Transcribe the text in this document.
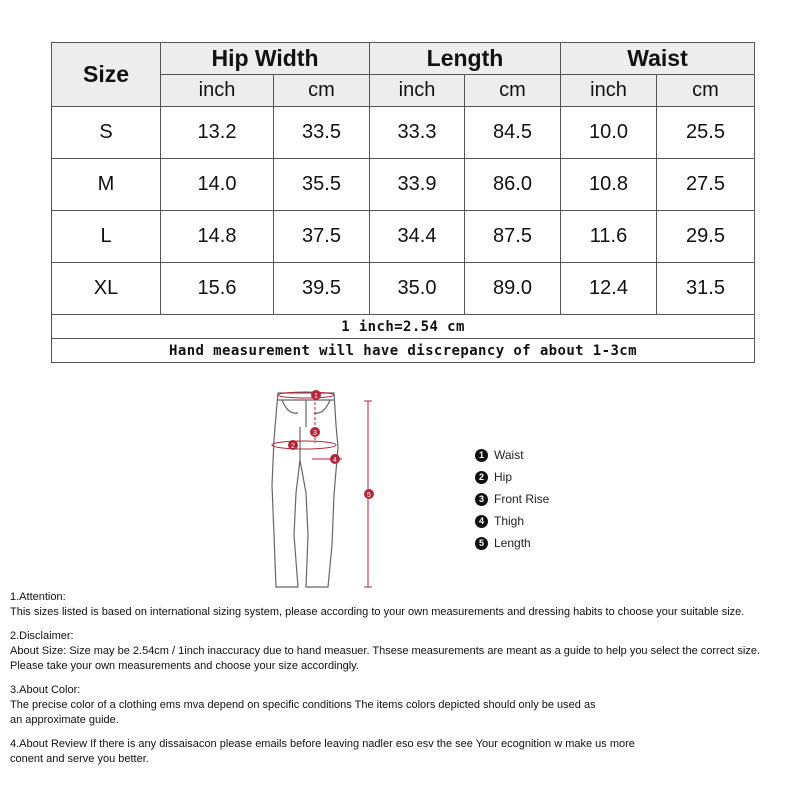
Size	Hip Width		Length		Waist	
	inch	cm	inch	cm	inch	cm
S	13.2	33.5	33.3	84.5	10.0	25.5
M	14.0	35.5	33.9	86.0	10.8	27.5
L	14.8	37.5	34.4	87.5	11.6	29.5
XL	15.6	39.5	35.0	89.0	12.4	31.5
1 inch=2.54 cm						
Hand measurement will have discrepancy of about 1-3cm						
1
2
3
4
5
1 Waist
2 Hip
3 Front Rise
4 Thigh
5 Length
1.Attention:
This sizes listed is based on international sizing system, please according to your own measurements and dressing habits to choose your suitable size.
2.Disclaimer:
About Size: Size may be 2.54cm / 1inch inaccuracy due to hand measuer. Thsese measurements are meant as a guide to help you select the correct size.
Please take your own measurements and choose your size accordingly.
3.About Color:
The precise color of a clothing ems mva depend on specific conditions The items colors depicted should only be used as
an approximate guide.
4.About Review If there is any dissaisacon please emails before leaving nadler eso esv the see Your ecognition w make us more
conent and serve you better.
